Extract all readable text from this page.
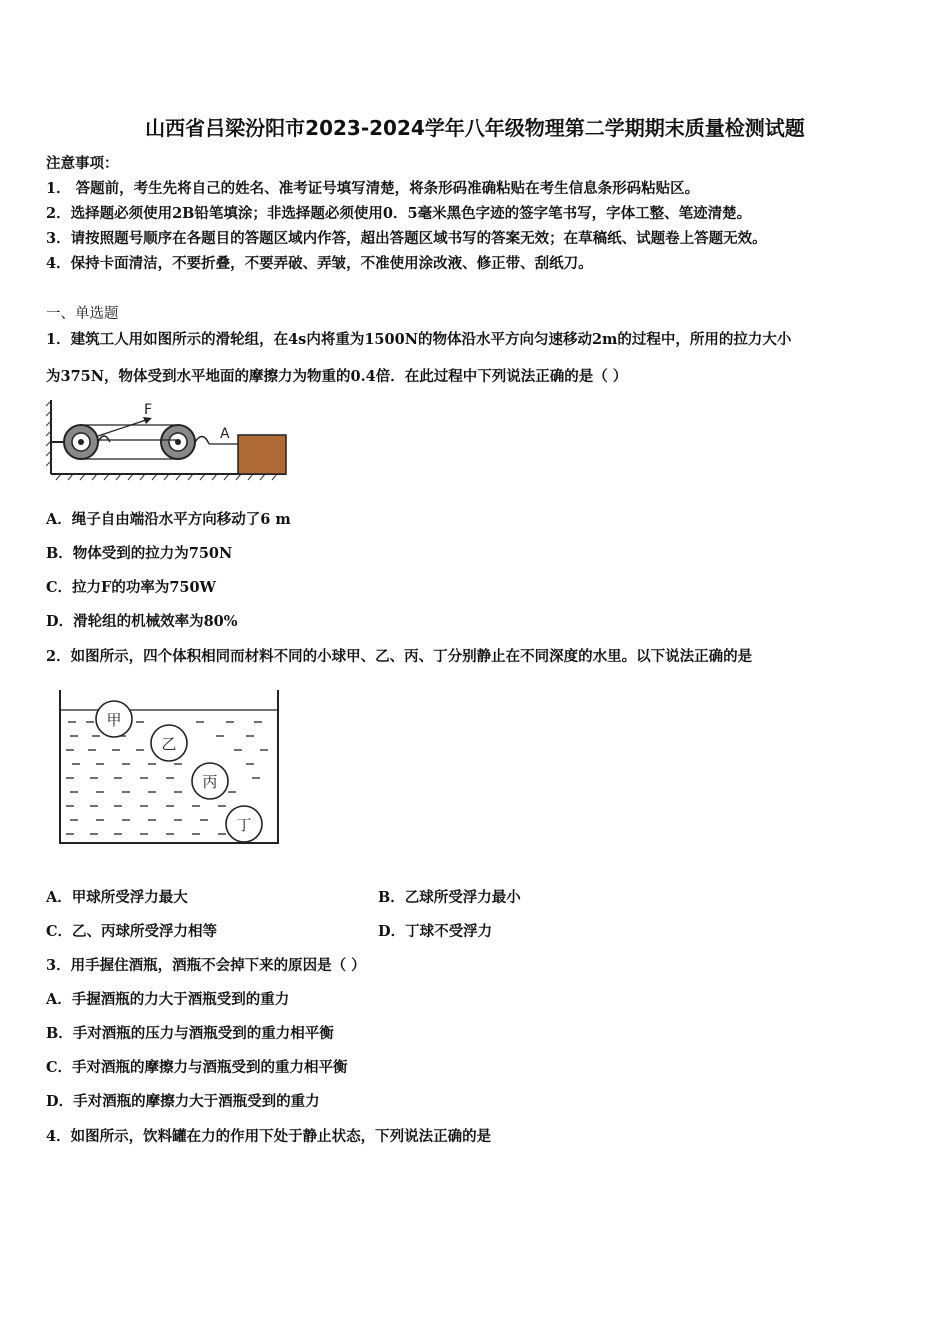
山西省吕梁汾阳市2023-2024学年八年级物理第二学期期末质量检测试题
注意事项：
1． 答题前，考生先将自己的姓名、准考证号填写清楚，将条形码准确粘贴在考生信息条形码粘贴区。
2．选择题必须使用2B铅笔填涂；非选择题必须使用0．5毫米黑色字迹的签字笔书写，字体工整、笔迹清楚。
3．请按照题号顺序在各题目的答题区域内作答，超出答题区域书写的答案无效；在草稿纸、试题卷上答题无效。
4．保持卡面清洁，不要折叠，不要弄破、弄皱，不准使用涂改液、修正带、刮纸刀。
一、单选题
1．建筑工人用如图所示的滑轮组，在4s内将重为1500N的物体沿水平方向匀速移动2m的过程中，所用的拉力大小
为375N，物体受到水平地面的摩擦力为物重的0.4倍．在此过程中下列说法正确的是（ ）
F
A
A．绳子自由端沿水平方向移动了6 m
B．物体受到的拉力为750N
C．拉力F的功率为750W
D．滑轮组的机械效率为80%
2．如图所示，四个体积相同而材料不同的小球甲、乙、丙、丁分别静止在不同深度的水里。以下说法正确的是
甲
乙
丙
丁
A．甲球所受浮力最大	B．乙球所受浮力最小
C．乙、丙球所受浮力相等	D．丁球不受浮力
3．用手握住酒瓶，酒瓶不会掉下来的原因是（ ）
A．手握酒瓶的力大于酒瓶受到的重力
B．手对酒瓶的压力与酒瓶受到的重力相平衡
C．手对酒瓶的摩擦力与酒瓶受到的重力相平衡
D．手对酒瓶的摩擦力大于酒瓶受到的重力
4．如图所示，饮料罐在力的作用下处于静止状态，下列说法正确的是
